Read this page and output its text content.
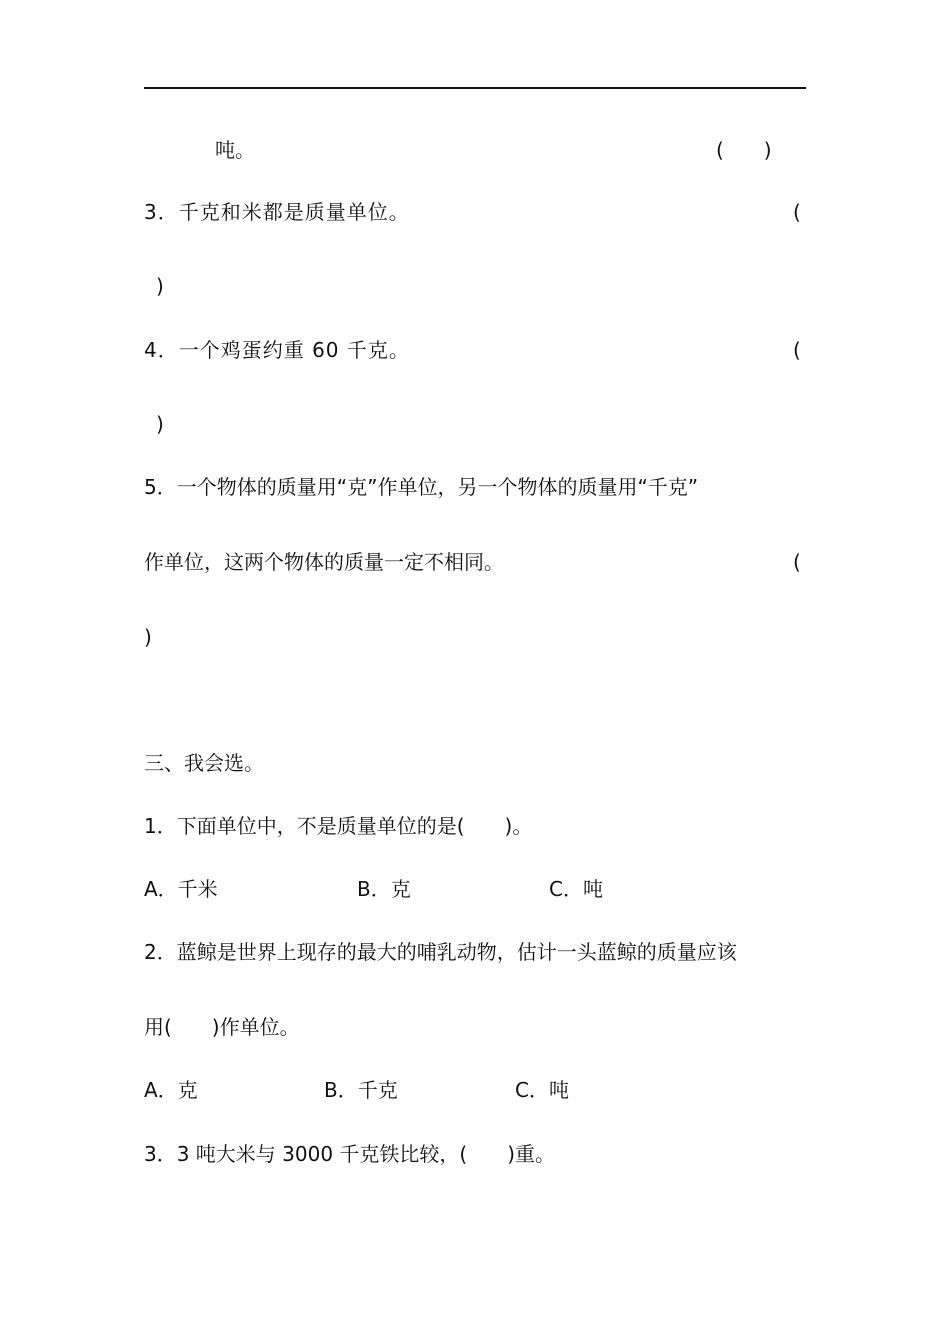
吨。	(　　)
3．千克和米都是质量单位。	(
)
4．一个鸡蛋约重 60 千克。	(
)
5．一个物体的质量用“克”作单位，另一个物体的质量用“千克”
作单位，这两个物体的质量一定不相同。	(
)
三、我会选。
1．下面单位中，不是质量单位的是(　　)。
A．千米	B．克	C．吨
2．蓝鲸是世界上现存的最大的哺乳动物，估计一头蓝鲸的质量应该
用(　　)作单位。
A．克	B．千克	C．吨
3．3 吨大米与 3000 千克铁比较，(　　)重。
